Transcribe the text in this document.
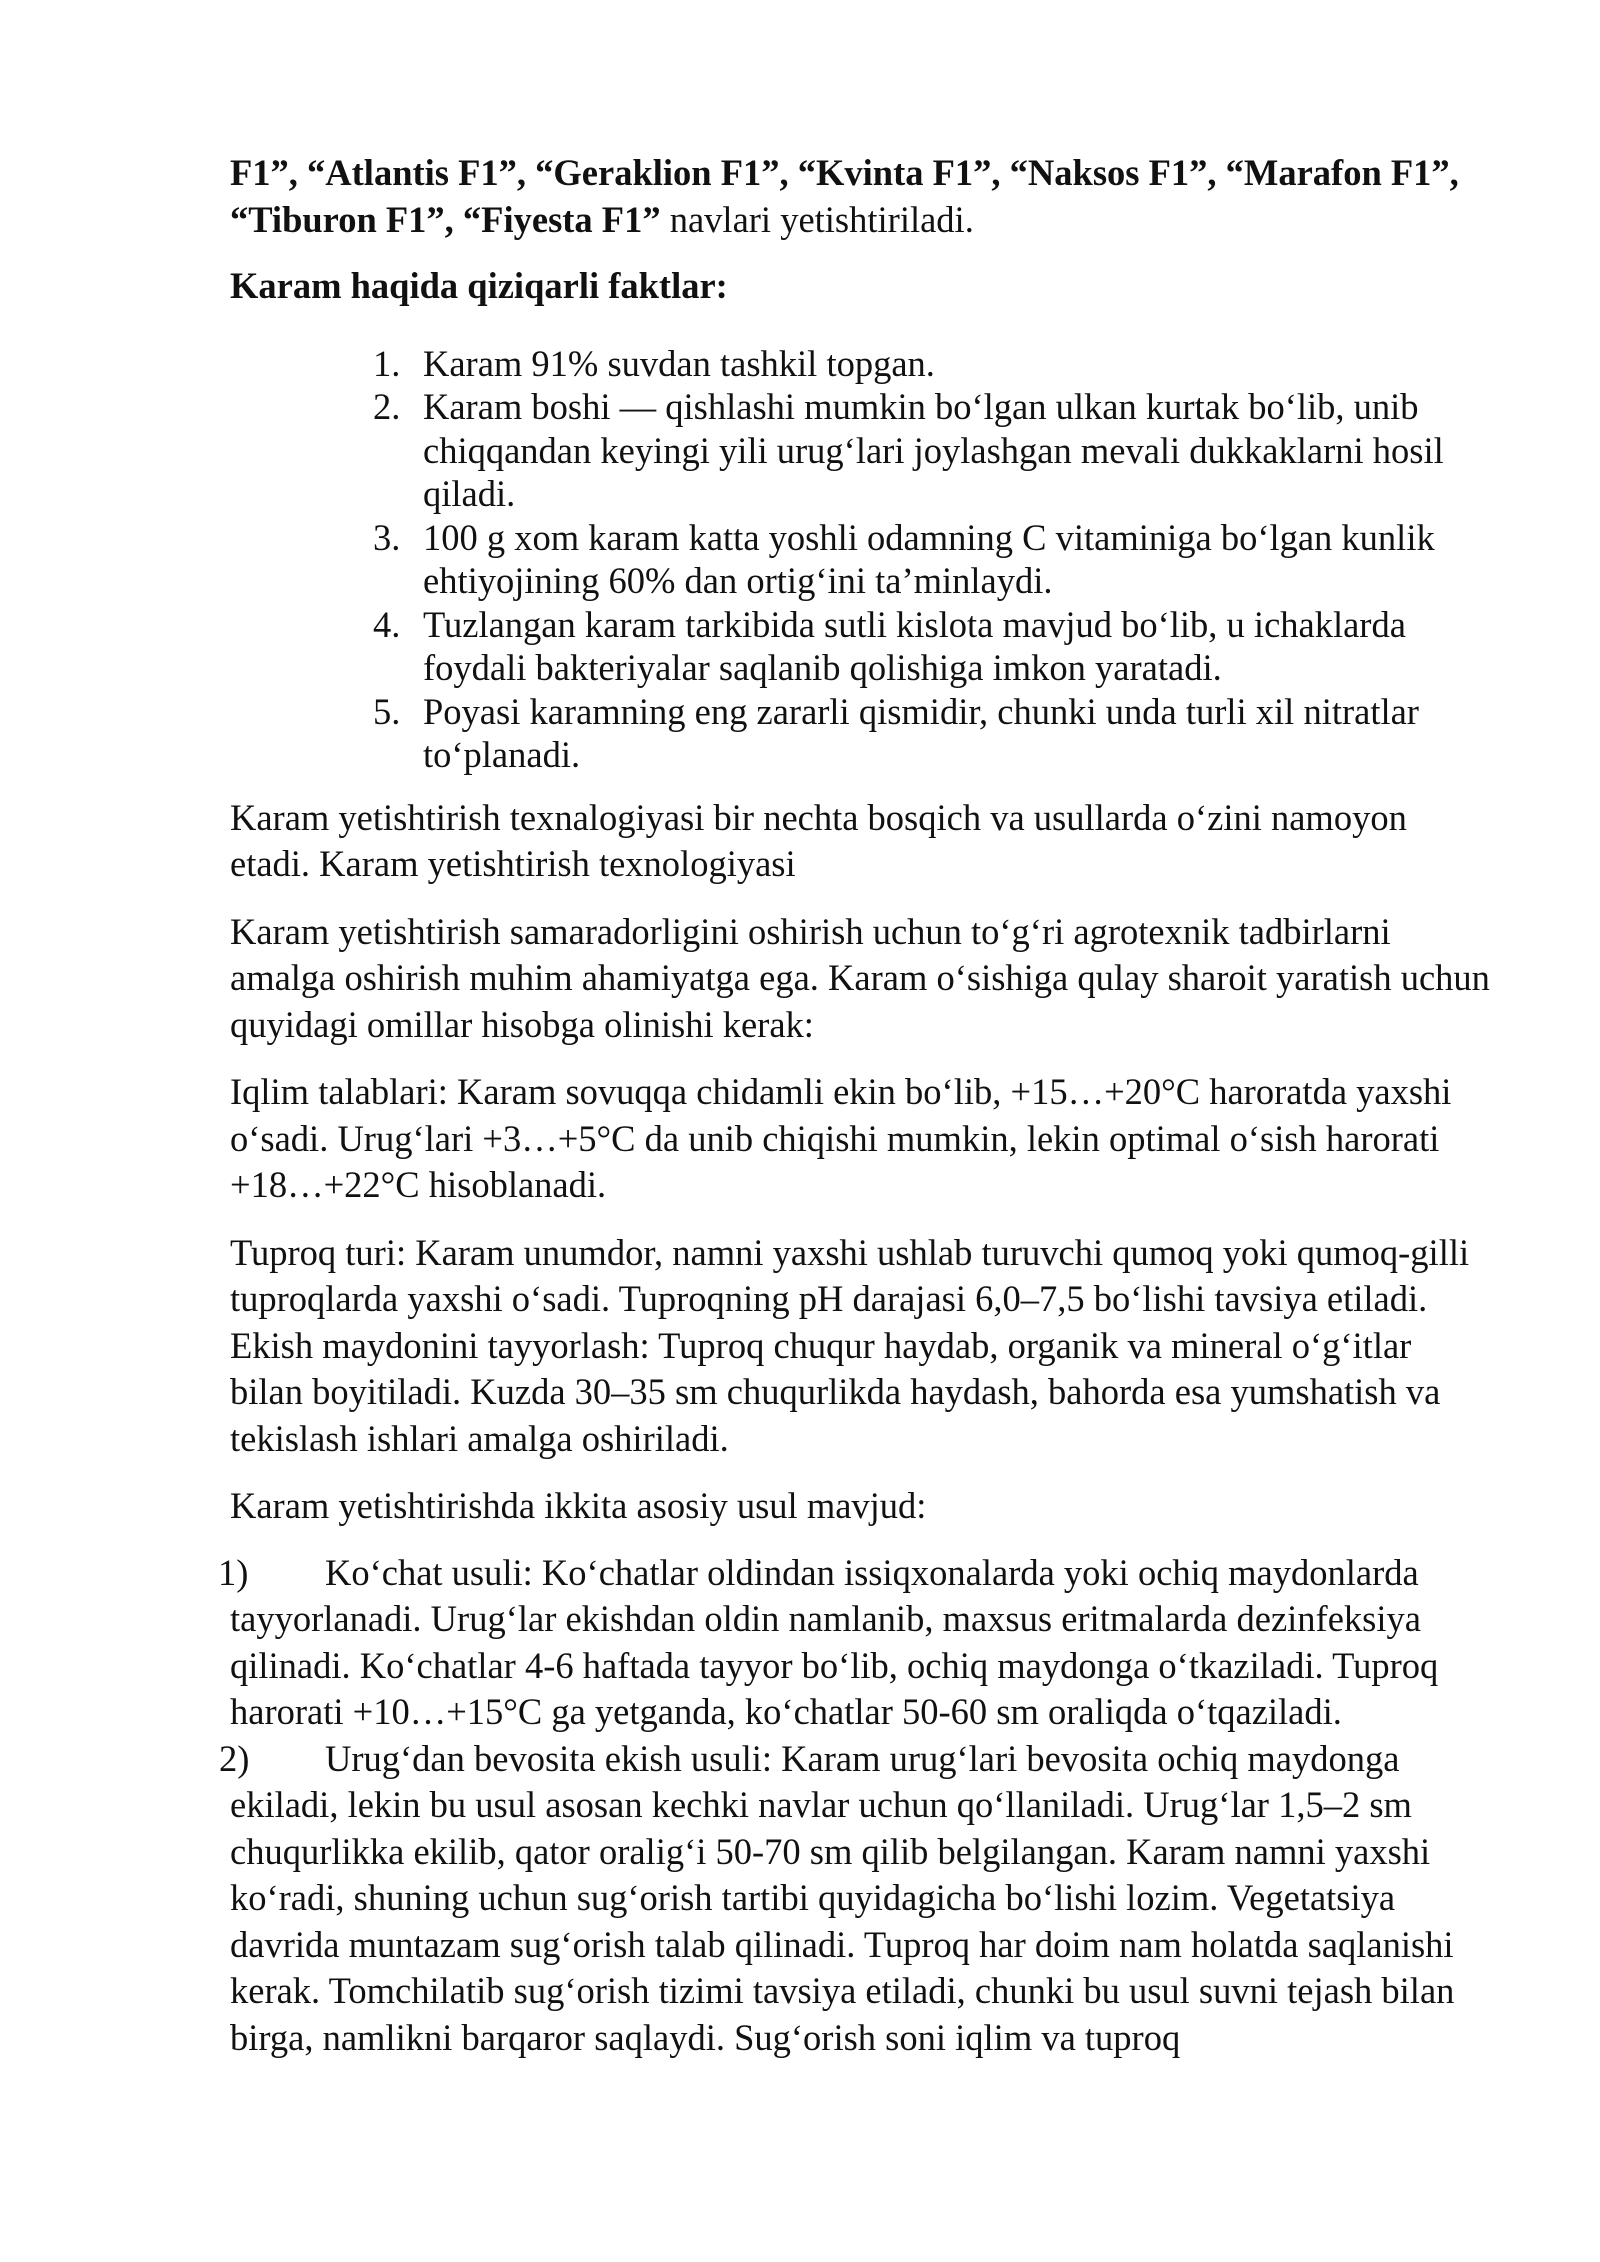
F1”, “Atlantis F1”, “Geraklion F1”, “Kvinta F1”, “Naksos F1”, “Marafon F1”, “Tiburon F1”, “Fiyesta F1” navlari yetishtiriladi.

Karam haqida qiziqarli faktlar:

1. Karam 91% suvdan tashkil topgan.
2. Karam boshi — qishlashi mumkin boʻlgan ulkan kurtak boʻlib, unib chiqqandan keyingi yili urugʻlari joylashgan mevali dukkaklarni hosil qiladi.
3. 100 g xom karam katta yoshli odamning C vitaminiga boʻlgan kunlik ehtiyojining 60% dan ortigʻini taʼminlaydi.
4. Tuzlangan karam tarkibida sutli kislota mavjud boʻlib, u ichaklarda foydali bakteriyalar saqlanib qolishiga imkon yaratadi.
5. Poyasi karamning eng zararli qismidir, chunki unda turli xil nitratlar toʻplanadi.

Karam yetishtirish texnalogiyasi bir nechta bosqich va usullarda oʻzini namoyon etadi. Karam yetishtirish texnologiyasi

Karam yetishtirish samaradorligini oshirish uchun toʻgʻri agrotexnik tadbirlarni amalga oshirish muhim ahamiyatga ega. Karam oʻsishiga qulay sharoit yaratish uchun quyidagi omillar hisobga olinishi kerak:

Iqlim talablari: Karam sovuqqa chidamli ekin boʻlib, +15…+20°C haroratda yaxshi oʻsadi. Urugʻlari +3…+5°C da unib chiqishi mumkin, lekin optimal oʻsish harorati +18…+22°C hisoblanadi.

Tuproq turi: Karam unumdor, namni yaxshi ushlab turuvchi qumoq yoki qumoq-gilli tuproqlarda yaxshi oʻsadi. Tuproqning pH darajasi 6,0–7,5 boʻlishi tavsiya etiladi. Ekish maydonini tayyorlash: Tuproq chuqur haydab, organik va mineral oʻgʻitlar bilan boyitiladi. Kuzda 30–35 sm chuqurlikda haydash, bahorda esa yumshatish va tekislash ishlari amalga oshiriladi.

Karam yetishtirishda ikkita asosiy usul mavjud:

1) Koʻchat usuli: Koʻchatlar oldindan issiqxonalarda yoki ochiq maydonlarda tayyorlanadi. Urugʻlar ekishdan oldin namlanib, maxsus eritmalarda dezinfeksiya qilinadi. Koʻchatlar 4-6 haftada tayyor boʻlib, ochiq maydonga oʻtkaziladi. Tuproq harorati +10…+15°C ga yetganda, koʻchatlar 50-60 sm oraliqda oʻtqaziladi.

2) Urugʻdan bevosita ekish usuli: Karam urugʻlari bevosita ochiq maydonga ekiladi, lekin bu usul asosan kechki navlar uchun qoʻllaniladi. Urugʻlar 1,5–2 sm chuqurlikka ekilib, qator oraligʻi 50-70 sm qilib belgilangan. Karam namni yaxshi koʻradi, shuning uchun sugʻorish tartibi quyidagicha boʻlishi lozim. Vegetatsiya davrida muntazam sugʻorish talab qilinadi. Tuproq har doim nam holatda saqlanishi kerak. Tomchilatib sugʻorish tizimi tavsiya etiladi, chunki bu usul suvni tejash bilan birga, namlikni barqaror saqlaydi. Sugʻorish soni iqlim va tuproq
